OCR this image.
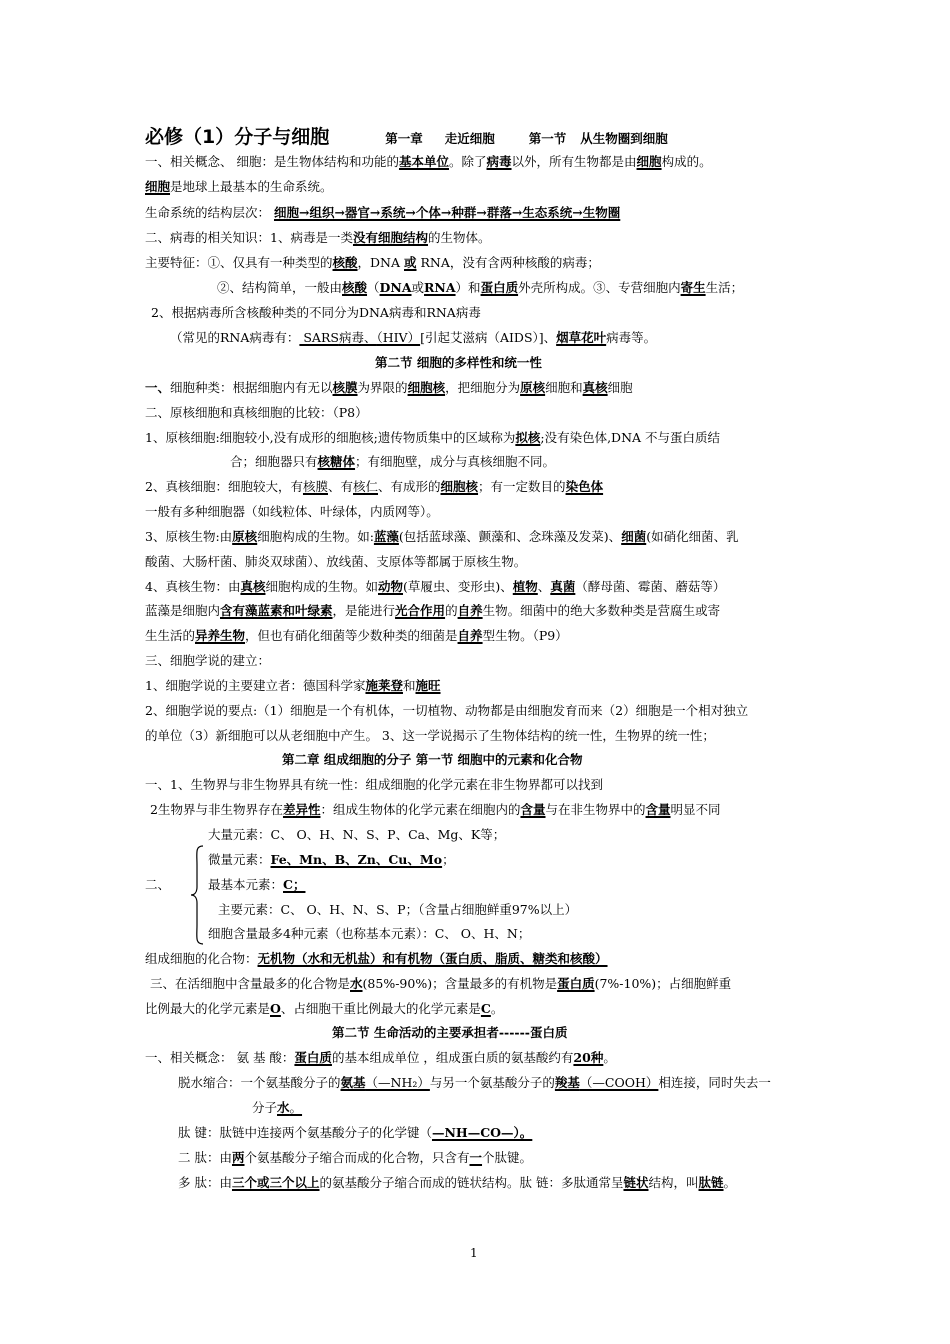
必修（1）分子与细胞	第一章 走近细胞	第一节 从生物圈到细胞
一、相关概念、 细胞：是生物体结构和功能的基本单位。除了病毒以外，所有生物都是由细胞构成的。
细胞是地球上最基本的生命系统。
生命系统的结构层次： 细胞→组织→器官→系统→个体→种群→群落→生态系统→生物圈
二、病毒的相关知识：1、病毒是一类没有细胞结构的生物体。
主要特征：①、仅具有一种类型的核酸，DNA 或 RNA，没有含两种核酸的病毒；
②、结构简单，一般由核酸（DNA或RNA）和蛋白质外壳所构成。③、专营细胞内寄生生活；
2、根据病毒所含核酸种类的不同分为DNA病毒和RNA病毒
（常见的RNA病毒有： SARS病毒、（HIV）[引起艾滋病（AIDS）]、烟草花叶病毒等。
第二节 细胞的多样性和统一性
一、细胞种类：根据细胞内有无以核膜为界限的细胞核，把细胞分为原核细胞和真核细胞
二、原核细胞和真核细胞的比较：（P8）
1、原核细胞:细胞较小,没有成形的细胞核;遗传物质集中的区域称为拟核;没有染色体,DNA 不与蛋白质结
合；细胞器只有核糖体；有细胞壁，成分与真核细胞不同。
2、真核细胞：细胞较大，有核膜、有核仁、有成形的细胞核；有一定数目的染色体
一般有多种细胞器（如线粒体、叶绿体，内质网等）。
3、原核生物:由原核细胞构成的生物。如:蓝藻(包括蓝球藻、颤藻和、念珠藻及发菜)、细菌(如硝化细菌、乳
酸菌、大肠杆菌、肺炎双球菌）、放线菌、支原体等都属于原核生物。
4、真核生物：由真核细胞构成的生物。如动物(草履虫、变形虫)、植物、真菌（酵母菌、霉菌、蘑菇等）
蓝藻是细胞内含有藻蓝素和叶绿素，是能进行光合作用的自养生物。细菌中的绝大多数种类是营腐生或寄
生生活的异养生物，但也有硝化细菌等少数种类的细菌是自养型生物。（P9）
三、细胞学说的建立：
1、细胞学说的主要建立者：德国科学家施莱登和施旺
2、细胞学说的要点:（1）细胞是一个有机体，一切植物、动物都是由细胞发育而来（2）细胞是一个相对独立
的单位（3）新细胞可以从老细胞中产生。 3、这一学说揭示了生物体结构的统一性，生物界的统一性；
第二章 组成细胞的分子 第一节 细胞中的元素和化合物
一、1、生物界与非生物界具有统一性：组成细胞的化学元素在非生物界都可以找到
2生物界与非生物界存在差异性：组成生物体的化学元素在细胞内的含量与在非生物界中的含量明显不同
大量元素：C、 O、H、N、S、P、Ca、Mg、K等；
微量元素：Fe、Mn、B、Zn、Cu、Mo；
二、	最基本元素：C；
主要元素：C、 O、H、N、S、P；（含量占细胞鲜重97%以上）
细胞含量最多4种元素（也称基本元素）：C、 O、H、N；
组成细胞的化合物：无机物（水和无机盐）和有机物（蛋白质、脂质、糖类和核酸）
三、在活细胞中含量最多的化合物是水(85%-90%)；含量最多的有机物是蛋白质(7%-10%)；占细胞鲜重
比例最大的化学元素是O、占细胞干重比例最大的化学元素是C。
第二节 生命活动的主要承担者------蛋白质
一、相关概念： 氨 基 酸：蛋白质的基本组成单位 ，组成蛋白质的氨基酸约有20种。
脱水缩合：一个氨基酸分子的氨基（—NH₂）与另一个氨基酸分子的羧基（—COOH）相连接，同时失去一
分子水。
肽 键：肽链中连接两个氨基酸分子的化学键（—NH—CO—）。
二 肽：由两个氨基酸分子缩合而成的化合物，只含有一个肽键。
多 肽：由三个或三个以上的氨基酸分子缩合而成的链状结构。肽 链：多肽通常呈链状结构，叫肽链。
1
